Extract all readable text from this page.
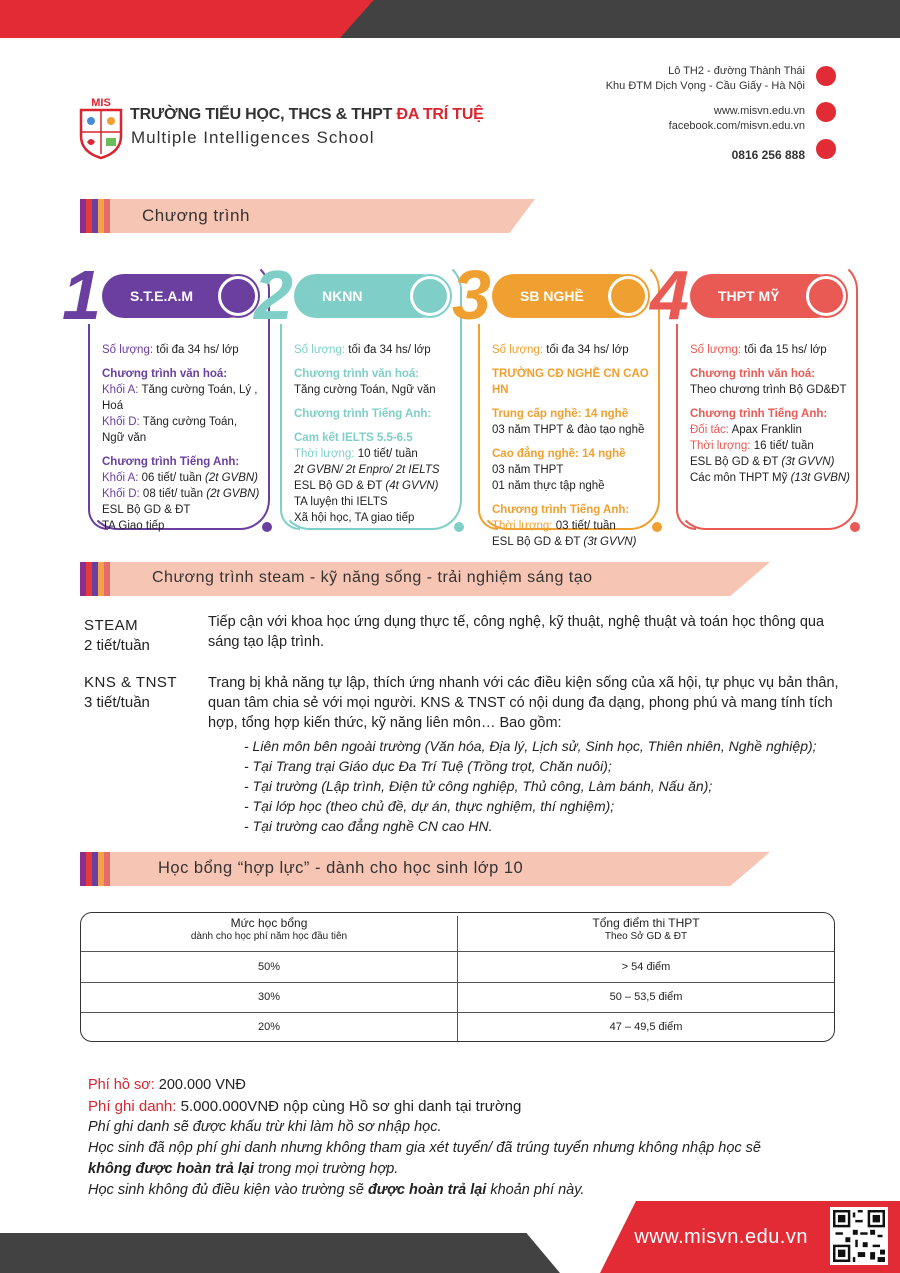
MIS
TRƯỜNG TIỂU HỌC, THCS & THPT ĐA TRÍ TUỆ
Multiple Intelligences School
Lô TH2 - đường Thành Thái
Khu ĐTM Dịch Vọng - Cầu Giấy - Hà Nội
www.misvn.edu.vn
facebook.com/misvn.edu.vn
0816 256 888
Chương trình
1 S.T.E.A.M
Số lượng: tối đa 34 hs/ lớp
Chương trình văn hoá:
Khối A: Tăng cường Toán, Lý , Hoá
Khối D: Tăng cường Toán, Ngữ văn
Chương trình Tiếng Anh:
Khối A: 06 tiết/ tuần (2t GVBN)
Khối D: 08 tiết/ tuần (2t GVBN)
ESL Bộ GD & ĐT
TA Giao tiếp
2 NKNN
Số lượng: tối đa 34 hs/ lớp
Chương trình văn hoá:
Tăng cường Toán, Ngữ văn
Chương trình Tiếng Anh:
Cam kết IELTS 5.5-6.5
Thời lượng: 10 tiết/ tuần
2t GVBN/ 2t Enpro/ 2t IELTS
ESL Bộ GD & ĐT (4t GVVN)
TA luyện thi IELTS
Xã hội học, TA giao tiếp
3 SB NGHỀ
Số lượng: tối đa 34 hs/ lớp
TRƯỜNG CĐ NGHỀ CN CAO HN
Trung cấp nghề: 14 nghề
03 năm THPT & đào tạo nghề
Cao đẳng nghề: 14 nghề
03 năm THPT
01 năm thực tập nghề
Chương trình Tiếng Anh:
Thời lượng: 03 tiết/ tuần
ESL Bộ GD & ĐT (3t GVVN)
4 THPT MỸ
Số lượng: tối đa 15 hs/ lớp
Chương trình văn hoá:
Theo chương trình Bộ GD&ĐT
Chương trình Tiếng Anh:
Đối tác: Apax Franklin
Thời lượng: 16 tiết/ tuần
ESL Bộ GD & ĐT (3t GVVN)
Các môn THPT Mỹ (13t GVBN)
Chương trình steam - kỹ năng sống - trải nghiệm sáng tạo
STEAM
2 tiết/tuần
Tiếp cận với khoa học ứng dụng thực tế, công nghệ, kỹ thuật, nghệ thuật và toán học thông qua sáng tạo lập trình.
KNS & TNST
3 tiết/tuần
Trang bị khả năng tự lập, thích ứng nhanh với các điều kiện sống của xã hội, tự phục vụ bản thân, quan tâm chia sẻ với mọi người. KNS & TNST có nội dung đa dạng, phong phú và mang tính tích hợp, tổng hợp kiến thức, kỹ năng liên môn… Bao gồm:
- Liên môn bên ngoài trường (Văn hóa, Địa lý, Lịch sử, Sinh học, Thiên nhiên, Nghề nghiệp);
- Tại Trang trại Giáo dục Đa Trí Tuệ (Trồng trọt, Chăn nuôi);
- Tại trường (Lập trình, Điện tử công nghiệp, Thủ công, Làm bánh, Nấu ăn);
- Tại lớp học (theo chủ đề, dự án, thực nghiệm, thí nghiệm);
- Tại trường cao đẳng nghề CN cao HN.
Học bổng “hợp lực” - dành cho học sinh lớp 10
Mức học bổng
dành cho học phí năm học đầu tiên
Tổng điểm thi THPT
Theo Sở GD & ĐT
50%	> 54 điểm
30%	50 – 53,5 điểm
20%	47 – 49,5 điểm
Phí hồ sơ: 200.000 VNĐ
Phí ghi danh: 5.000.000VNĐ nộp cùng Hồ sơ ghi danh tại trường
Phí ghi danh sẽ được khấu trừ khi làm hồ sơ nhập học.
Học sinh đã nộp phí ghi danh nhưng không tham gia xét tuyển/ đã trúng tuyển nhưng không nhập học sẽ
không được hoàn trả lại trong mọi trường hợp.
Học sinh không đủ điều kiện vào trường sẽ được hoàn trả lại khoản phí này.
www.misvn.edu.vn
